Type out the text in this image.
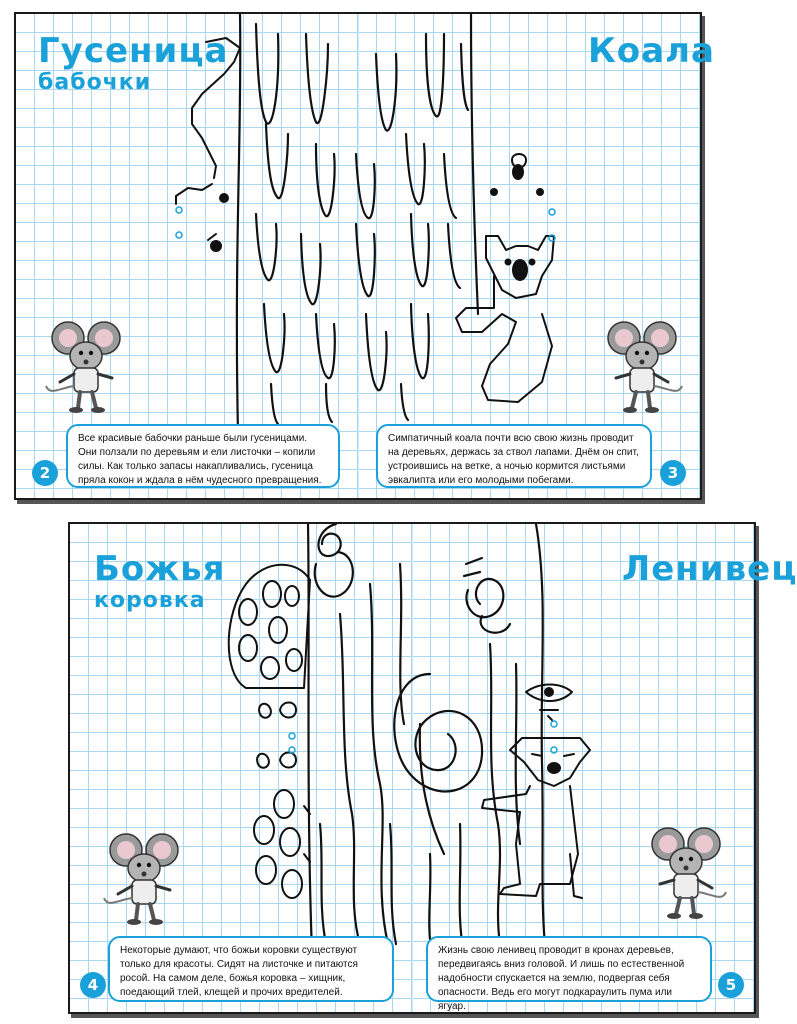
Гусеница
бабочки
Коала

Все красивые бабочки раньше были гусеницами. Они ползали по деревьям и ели листочки – копили силы. Как только запасы накапливались, гусеница пряла кокон и ждала в нём чудесного превращения.

Симпатичный коала почти всю свою жизнь проводит на деревьях, держась за ствол лапами. Днём он спит, устроившись на ветке, а ночью кормится листьями эвкалипта или его молодыми побегами.

2	3
Божья
коровка
Ленивец

Некоторые думают, что божьи коровки существуют только для красоты. Сидят на листочке и питаются росой. На самом деле, божья коровка – хищник, поедающий тлей, клещей и прочих вредителей.

Жизнь свою ленивец проводит в кронах деревьев, передвигаясь вниз головой. И лишь по естественной надобности спускается на землю, подвергая себя опасности. Ведь его могут подкараулить пума или ягуар.

4	5
